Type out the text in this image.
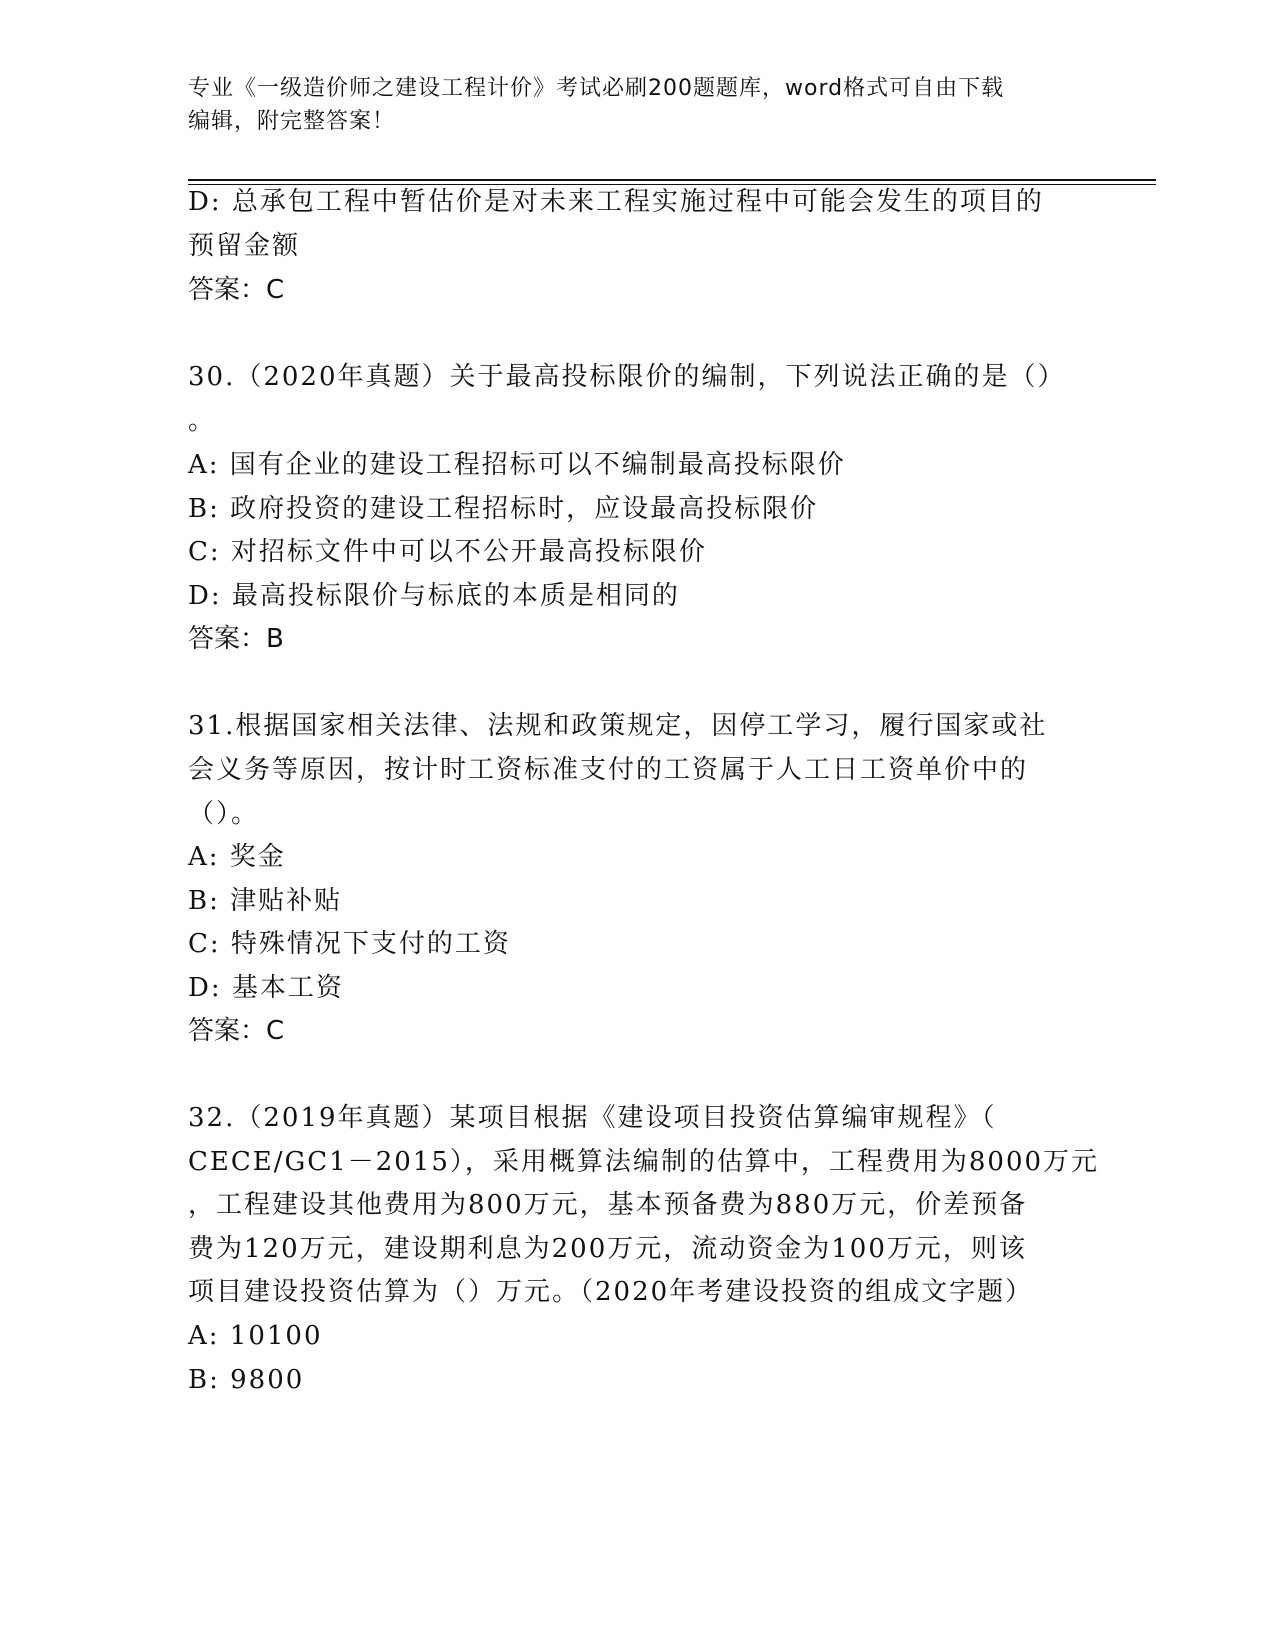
专业《一级造价师之建设工程计价》考试必刷200题题库，word格式可自由下载
编辑，附完整答案！
D: 总承包工程中暂估价是对未来工程实施过程中可能会发生的项目的
预留金额
答案：C
30.（2020年真题）关于最高投标限价的编制，下列说法正确的是（）
。
A: 国有企业的建设工程招标可以不编制最高投标限价
B: 政府投资的建设工程招标时，应设最高投标限价
C: 对招标文件中可以不公开最高投标限价
D: 最高投标限价与标底的本质是相同的
答案：B
31.根据国家相关法律、法规和政策规定，因停工学习，履行国家或社
会义务等原因，按计时工资标准支付的工资属于人工日工资单价中的
（）。
A: 奖金
B: 津贴补贴
C: 特殊情况下支付的工资
D: 基本工资
答案：C
32.（2019年真题）某项目根据《建设项目投资估算编审规程》（
CECE/GC1－2015），采用概算法编制的估算中，工程费用为8000万元
，工程建设其他费用为800万元，基本预备费为880万元，价差预备
费为120万元，建设期利息为200万元，流动资金为100万元，则该
项目建设投资估算为（）万元。（2020年考建设投资的组成文字题）
A: 10100
B: 9800
